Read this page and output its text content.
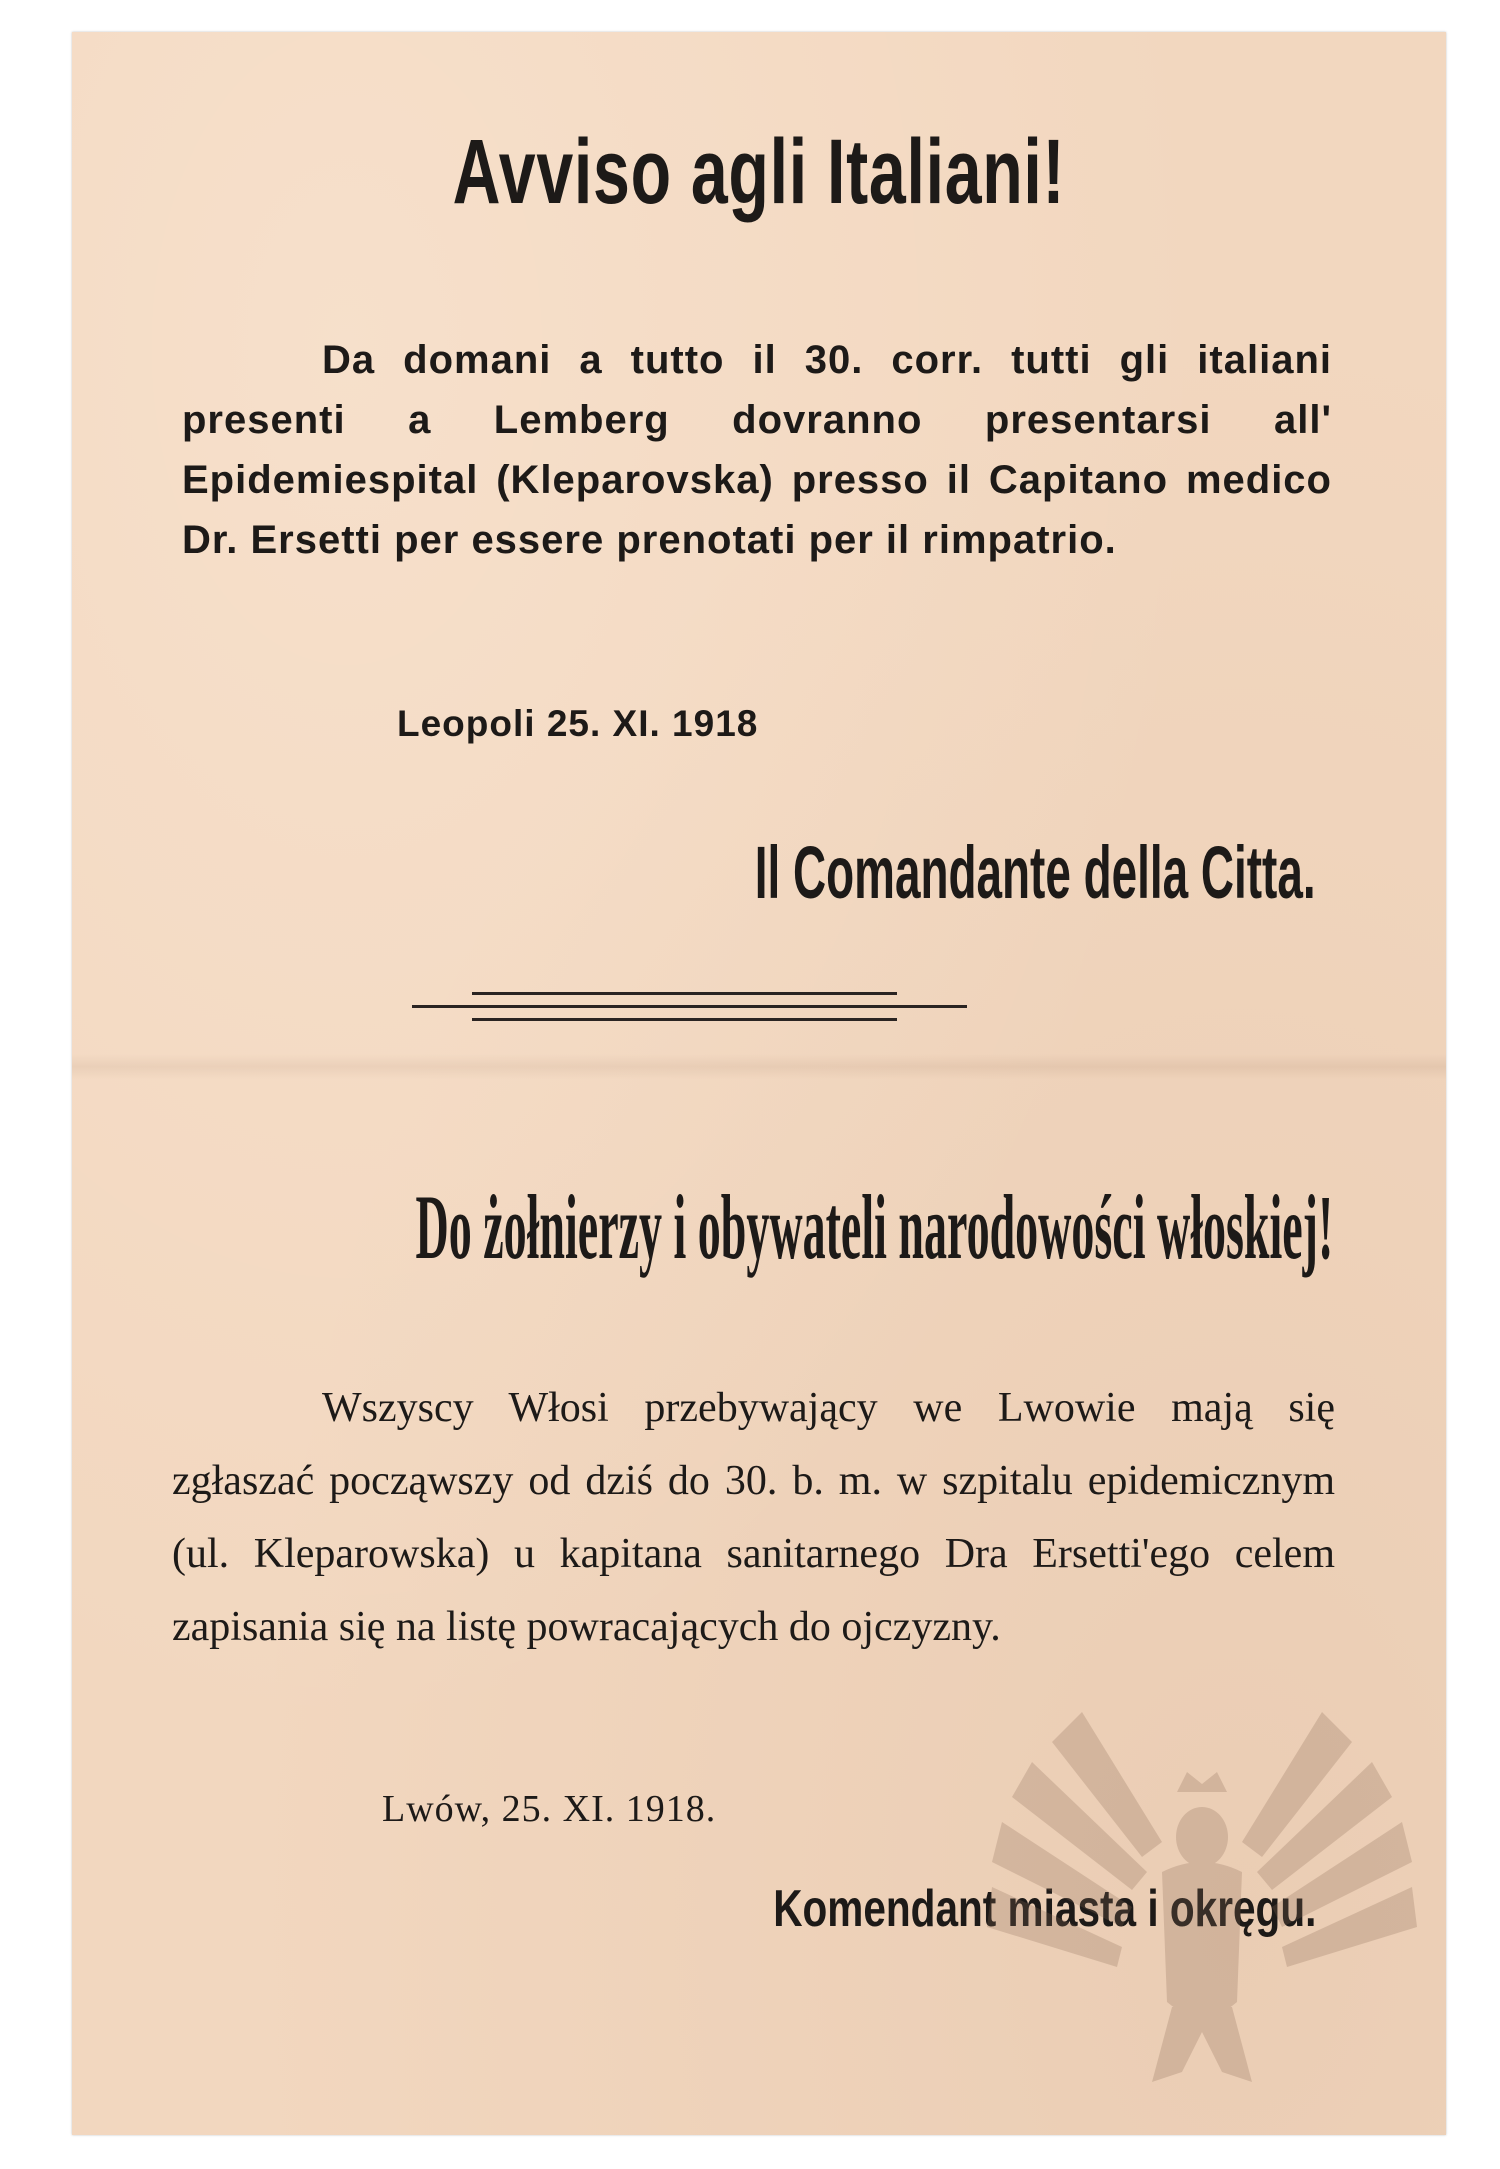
Avviso agli Italiani!
Da domani a tutto il 30. corr. tutti gli italiani presenti a Lemberg dovranno presentarsi all' Epidemiespital (Kleparovska) presso il Capitano medico Dr. Ersetti per essere prenotati per il rimpatrio.
Leopoli 25. XI. 1918
Il Comandante della Citta.
Do żołnierzy i obywateli narodowości włoskiej!
Wszyscy Włosi przebywający we Lwowie mają się zgłaszać począwszy od dziś do 30. b. m. w szpitalu epidemicznym (ul. Kleparowska) u kapitana sanitarnego Dra Ersetti'ego celem zapisania się na listę powracających do ojczyzny.
Lwów, 25. XI. 1918.
Komendant miasta i okręgu.
